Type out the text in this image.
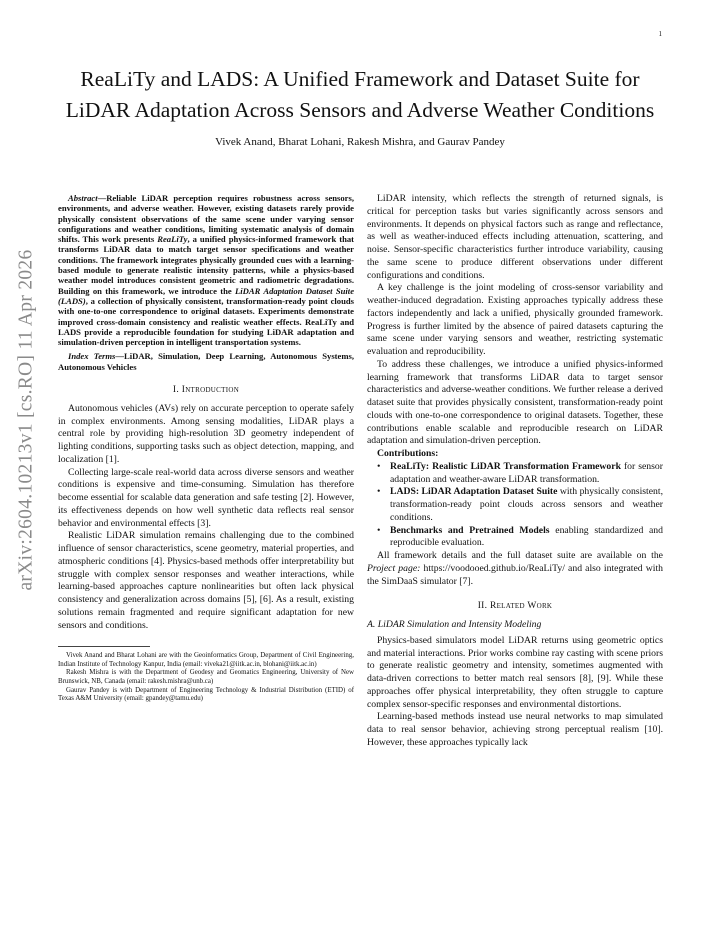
1
arXiv:2604.10213v1 [cs.RO] 11 Apr 2026
ReaLiTy and LADS: A Unified Framework and Dataset Suite for LiDAR Adaptation Across Sensors and Adverse Weather Conditions
Vivek Anand, Bharat Lohani, Rakesh Mishra, and Gaurav Pandey

Abstract—Reliable LiDAR perception requires robustness across sensors, environments, and adverse weather. However, existing datasets rarely provide physically consistent observations of the same scene under varying sensor configurations and weather conditions, limiting systematic analysis of domain shifts. This work presents ReaLiTy, a unified physics-informed framework that transforms LiDAR data to match target sensor specifications and weather conditions. The framework integrates physically grounded cues with a learning-based module to generate realistic intensity patterns, while a physics-based weather model introduces consistent geometric and radiometric degradations. Building on this framework, we introduce the LiDAR Adaptation Dataset Suite (LADS), a collection of physically consistent, transformation-ready point clouds with one-to-one correspondence to original datasets. Experiments demonstrate improved cross-domain consistency and realistic weather effects. ReaLiTy and LADS provide a reproducible foundation for studying LiDAR adaptation and simulation-driven perception in intelligent transportation systems.

Index Terms—LiDAR, Simulation, Deep Learning, Autonomous Systems, Autonomous Vehicles

I. Introduction

Autonomous vehicles (AVs) rely on accurate perception to operate safely in complex environments. Among sensing modalities, LiDAR plays a central role by providing high-resolution 3D geometry independent of lighting conditions, supporting tasks such as object detection, mapping, and localization [1].

Collecting large-scale real-world data across diverse sensors and weather conditions is expensive and time-consuming. Simulation has therefore become essential for scalable data generation and safe testing [2]. However, its effectiveness depends on how well synthetic data reflects real sensor behavior and environmental effects [3].

Realistic LiDAR simulation remains challenging due to the combined influence of sensor characteristics, scene geometry, material properties, and atmospheric conditions [4]. Physics-based methods offer interpretability but struggle with complex sensor responses and weather interactions, while learning-based approaches capture nonlinearities but often lack physical consistency and generalization across domains [5], [6]. As a result, existing solutions remain fragmented and require significant adaptation for new sensors and conditions.

Vivek Anand and Bharat Lohani are with the Geoinformatics Group, Department of Civil Engineering, Indian Institute of Technology Kanpur, India (email: viveka21@iitk.ac.in, blohani@iitk.ac.in)

Rakesh Mishra is with the Department of Geodesy and Geomatics Engineering, University of New Brunswick, NB, Canada (email: rakesh.mishra@unb.ca)

Gaurav Pandey is with Department of Engineering Technology & Industrial Distribution (ETID) of Texas A&M University (email: gpandey@tamu.edu)

LiDAR intensity, which reflects the strength of returned signals, is critical for perception tasks but varies significantly across sensors and environments. It depends on physical factors such as range and reflectance, as well as weather-induced effects including attenuation, scattering, and noise. Sensor-specific characteristics further introduce variability, causing the same scene to produce different observations under different configurations and conditions.

A key challenge is the joint modeling of cross-sensor variability and weather-induced degradation. Existing approaches typically address these factors independently and lack a unified, physically grounded framework. Progress is further limited by the absence of paired datasets capturing the same scene under varying sensors and weather, restricting systematic evaluation and reproducibility.

To address these challenges, we introduce a unified physics-informed learning framework that transforms LiDAR data to target sensor characteristics and adverse-weather conditions. We further release a derived dataset suite that provides physically consistent, transformation-ready point clouds with one-to-one correspondence to original datasets. Together, these contributions enable scalable and reproducible research on LiDAR adaptation and simulation-driven perception.

Contributions:
• ReaLiTy: Realistic LiDAR Transformation Framework for sensor adaptation and weather-aware LiDAR transformation.
• LADS: LiDAR Adaptation Dataset Suite with physically consistent, transformation-ready point clouds across sensors and weather conditions.
• Benchmarks and Pretrained Models enabling standardized and reproducible evaluation.

All framework details and the full dataset suite are available on the Project page: https://voodooed.github.io/ReaLiTy/ and also integrated with the SimDaaS simulator [7].

II. Related Work
A. LiDAR Simulation and Intensity Modeling

Physics-based simulators model LiDAR returns using geometric optics and material interactions. Prior works combine ray casting with scene priors to generate realistic geometry and intensity, sometimes augmented with data-driven corrections to better match real sensors [8], [9]. While these approaches offer physical interpretability, they often struggle to capture complex sensor-specific responses and environmental distortions.

Learning-based methods instead use neural networks to map simulated data to real sensor behavior, achieving strong perceptual realism [10]. However, these approaches typically lack
